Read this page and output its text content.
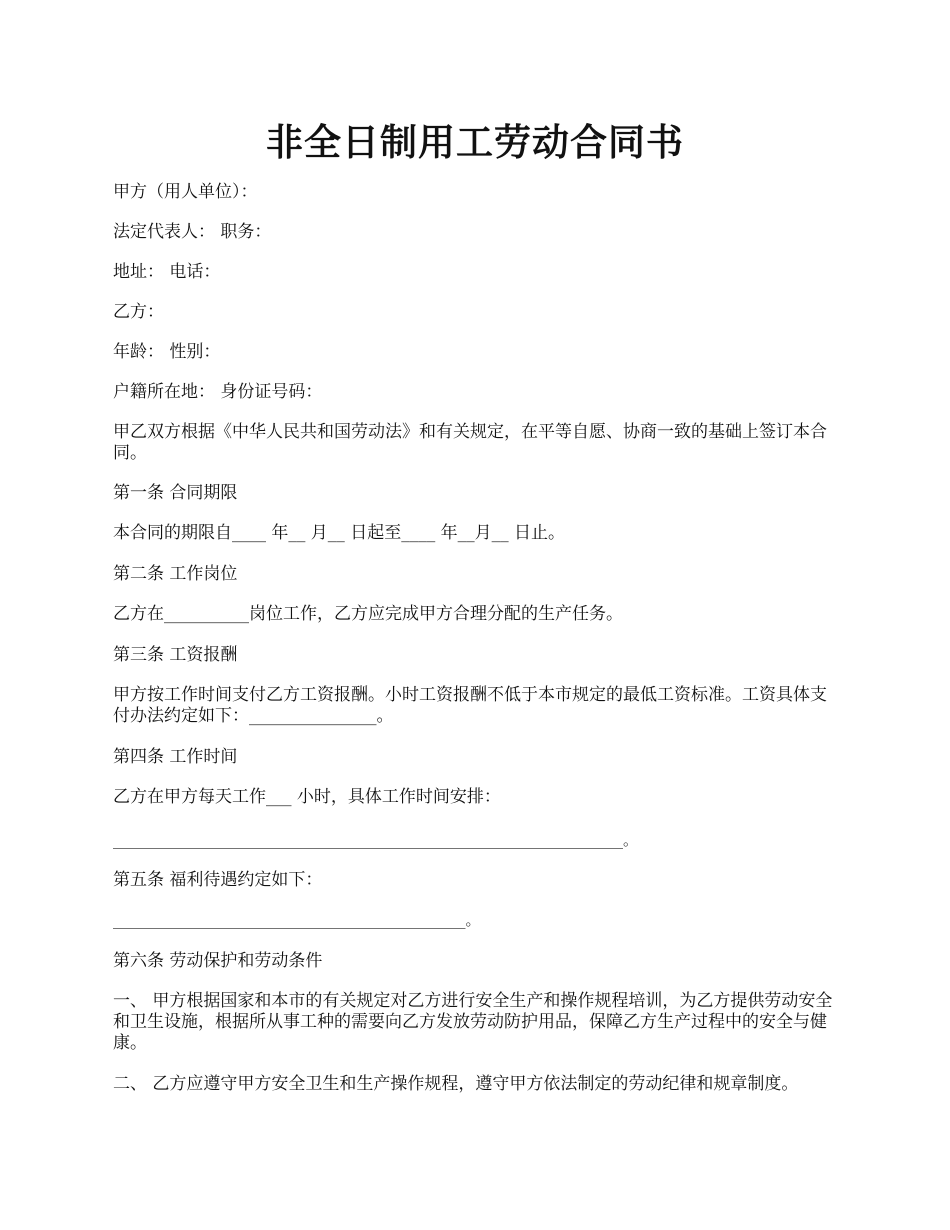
非全日制用工劳动合同书

甲方（用人单位）：

法定代表人： 职务：

地址： 电话：

乙方：

年龄： 性别：

户籍所在地： 身份证号码：

甲乙双方根据《中华人民共和国劳动法》和有关规定，在平等自愿、协商一致的基础上签订本合同。

第一条 合同期限

本合同的期限自____ 年__ 月__ 日起至____ 年__月__ 日止。

第二条 工作岗位

乙方在__________岗位工作，乙方应完成甲方合理分配的生产任务。

第三条 工资报酬

甲方按工作时间支付乙方工资报酬。小时工资报酬不低于本市规定的最低工资标准。工资具体支付办法约定如下：_______________。

第四条 工作时间

乙方在甲方每天工作___ 小时，具体工作时间安排：

____________________________________________________________________。

第五条 福利待遇约定如下：

_______________________________________________。

第六条 劳动保护和劳动条件

一、 甲方根据国家和本市的有关规定对乙方进行安全生产和操作规程培训，为乙方提供劳动安全和卫生设施，根据所从事工种的需要向乙方发放劳动防护用品，保障乙方生产过程中的安全与健康。

二、 乙方应遵守甲方安全卫生和生产操作规程，遵守甲方依法制定的劳动纪律和规章制度。
